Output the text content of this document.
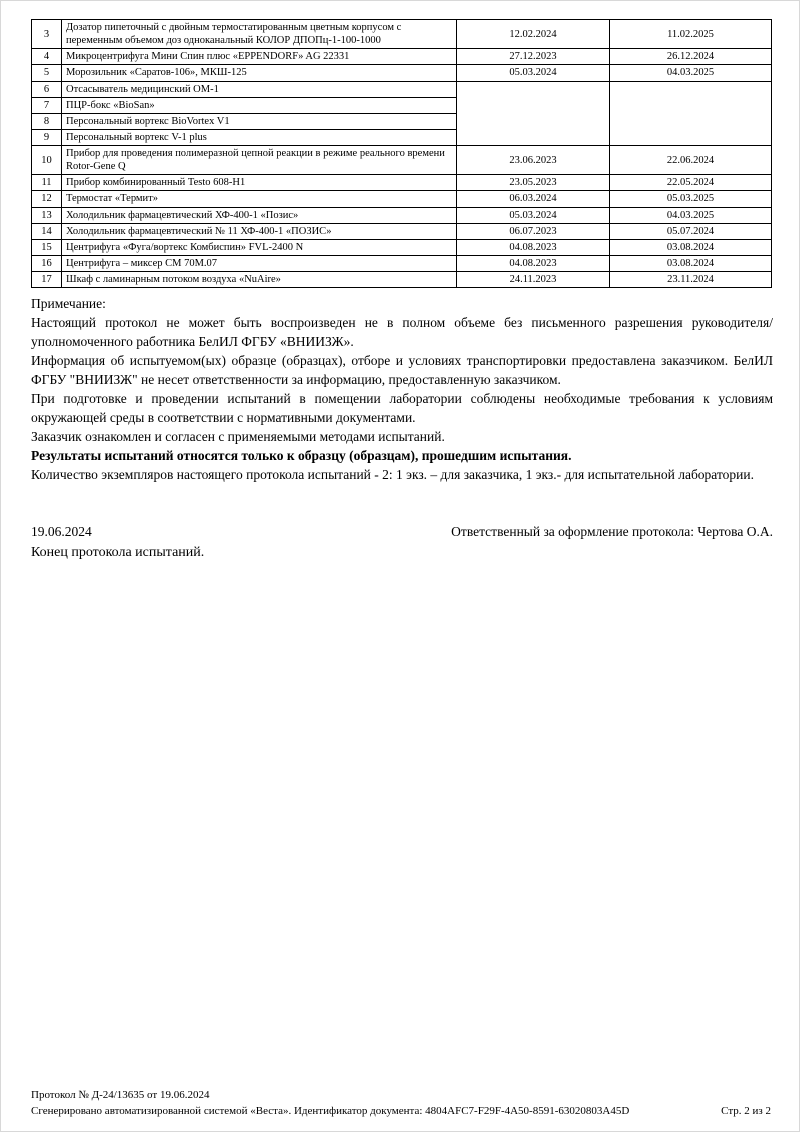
3	Дозатор пипеточный с двойным термостатированным цветным корпусом с переменным объемом доз одноканальный КОЛОР ДПОПц-1-100-1000	12.02.2024	11.02.2025
4	Микроцентрифуга Мини Спин плюс «EPPENDORF» AG 22331	27.12.2023	26.12.2024
5	Морозильник «Саратов-106», МКШ-125	05.03.2024	04.03.2025
6	Отсасыватель медицинский ОМ-1		
7	ПЦР-бокс «BioSan»		
8	Персональный вортекс BioVortex V1		
9	Персональный вортекс V-1 plus		
10	Прибор для проведения полимеразной цепной реакции в режиме реального времени Rotor-Gene Q	23.06.2023	22.06.2024
11	Прибор комбинированный Testo 608-H1	23.05.2023	22.05.2024
12	Термостат «Термит»	06.03.2024	05.03.2025
13	Холодильник фармацевтический ХФ-400-1 «Позис»	05.03.2024	04.03.2025
14	Холодильник фармацевтический № 11 ХФ-400-1 «ПОЗИС»	06.07.2023	05.07.2024
15	Центрифуга «Фуга/вортекс Комбиспин» FVL-2400 N	04.08.2023	03.08.2024
16	Центрифуга – миксер СМ 70М.07	04.08.2023	03.08.2024
17	Шкаф с ламинарным потоком воздуха «NuAire»	24.11.2023	23.11.2024
Примечание:

Настоящий протокол не может быть воспроизведен не в полном объеме без письменного разрешения руководителя/уполномоченного работника БелИЛ ФГБУ «ВНИИЗЖ».

Информация об испытуемом(ых) образце (образцах), отборе и условиях транспортировки предоставлена заказчиком. БелИЛ ФГБУ "ВНИИЗЖ" не несет ответственности за информацию, предоставленную заказчиком.

При подготовке и проведении испытаний в помещении лаборатории соблюдены необходимые требования к условиям окружающей среды в соответствии с нормативными документами.

Заказчик ознакомлен и согласен с применяемыми методами испытаний.

Результаты испытаний относятся только к образцу (образцам), прошедшим испытания.

Количество экземпляров настоящего протокола испытаний - 2: 1 экз. – для заказчика, 1 экз.- для испытательной лаборатории.

19.06.2024	Ответственный за оформление протокола: Чертова О.А.
Конец протокола испытаний.
Протокол № Д-24/13635 от 19.06.2024
Сгенерировано автоматизированной системой «Веста». Идентификатор документа: 4804AFC7-F29F-4A50-8591-63020803A45D	Стр. 2 из 2
